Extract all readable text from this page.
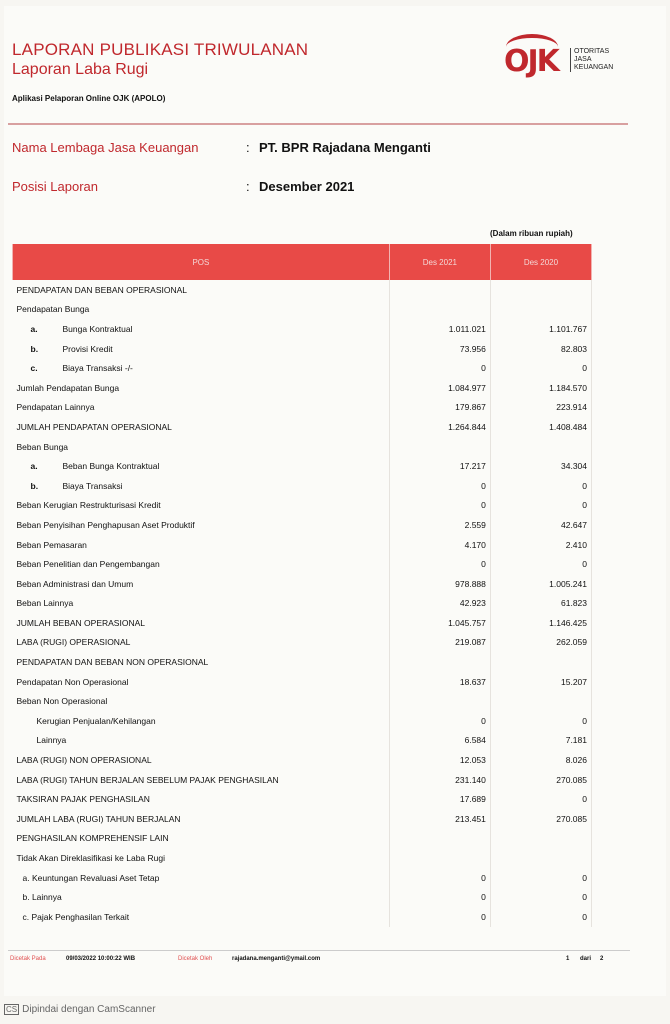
LAPORAN PUBLIKASI TRIWULANAN
Laporan Laba Rugi
Aplikasi Pelaporan Online OJK (APOLO)
OJK OTORITAS
JASA
KEUANGAN
Nama Lembaga Jasa Keuangan	: PT. BPR Rajadana Menganti
Posisi Laporan	: Desember 2021
(Dalam ribuan rupiah)
POS	Des 2021	Des 2020
PENDAPATAN DAN BEBAN OPERASIONAL		
Pendapatan Bunga		
a. Bunga Kontraktual	1.011.021	1.101.767
b. Provisi Kredit	73.956	82.803
c. Biaya Transaksi -/-	0	0
Jumlah Pendapatan Bunga	1.084.977	1.184.570
Pendapatan Lainnya	179.867	223.914
JUMLAH PENDAPATAN OPERASIONAL	1.264.844	1.408.484
Beban Bunga		
a. Beban Bunga Kontraktual	17.217	34.304
b. Biaya Transaksi	0	0
Beban Kerugian Restrukturisasi Kredit	0	0
Beban Penyisihan Penghapusan Aset Produktif	2.559	42.647
Beban Pemasaran	4.170	2.410
Beban Penelitian dan Pengembangan	0	0
Beban Administrasi dan Umum	978.888	1.005.241
Beban Lainnya	42.923	61.823
JUMLAH BEBAN OPERASIONAL	1.045.757	1.146.425
LABA (RUGI) OPERASIONAL	219.087	262.059
PENDAPATAN DAN BEBAN NON OPERASIONAL		
Pendapatan Non Operasional	18.637	15.207
Beban Non Operasional		
Kerugian Penjualan/Kehilangan	0	0
Lainnya	6.584	7.181
LABA (RUGI) NON OPERASIONAL	12.053	8.026
LABA (RUGI) TAHUN BERJALAN SEBELUM PAJAK PENGHASILAN	231.140	270.085
TAKSIRAN PAJAK PENGHASILAN	17.689	0
JUMLAH LABA (RUGI) TAHUN BERJALAN	213.451	270.085
PENGHASILAN KOMPREHENSIF LAIN		
Tidak Akan Direklasifikasi ke Laba Rugi		
a. Keuntungan Revaluasi Aset Tetap	0	0
b. Lainnya	0	0
c. Pajak Penghasilan Terkait	0	0
Dicetak Pada	09/03/2022 10:00:22 WIB	Dicetak Oleh	rajadana.menganti@ymail.com	1 dari 2
CS Dipindai dengan CamScanner
